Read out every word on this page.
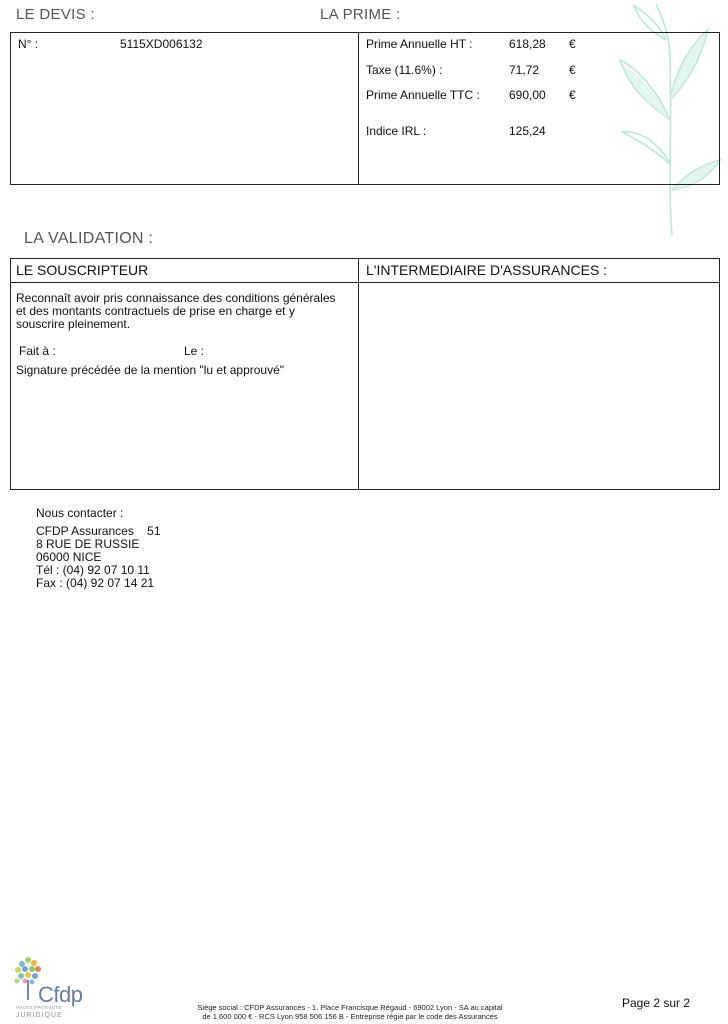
LE DEVIS :	LA PRIME :
N° :	5115XD006132	Prime Annuelle HT :	618,28 €
Taxe (11.6%) :	71,72 €
Prime Annuelle TTC : 690,00 €
Indice IRL :	125,24
LA VALIDATION :
LE SOUSCRIPTEUR	L'INTERMEDIAIRE D'ASSURANCES :
Reconnaît avoir pris connaissance des conditions générales et des montants contractuels de prise en charge et y souscrire pleinement.
Fait à :	Le :
Signature précédée de la mention "lu et approuvé"
Nous contacter :
CFDP Assurances 51
8 RUE DE RUSSIE
06000 NICE
Tél : (04) 92 07 10 11
Fax : (04) 92 07 14 21
Cfdp
HAUTE PROXIMITÉ
JURIDIQUE
Siège social : CFDP Assurances - 1, Place Francisque Régaud - 69002 Lyon - SA au capital
de 1 600 000 € - RCS Lyon 958 506 156 B - Entreprise régie par le code des Assurances
Page 2 sur 2
